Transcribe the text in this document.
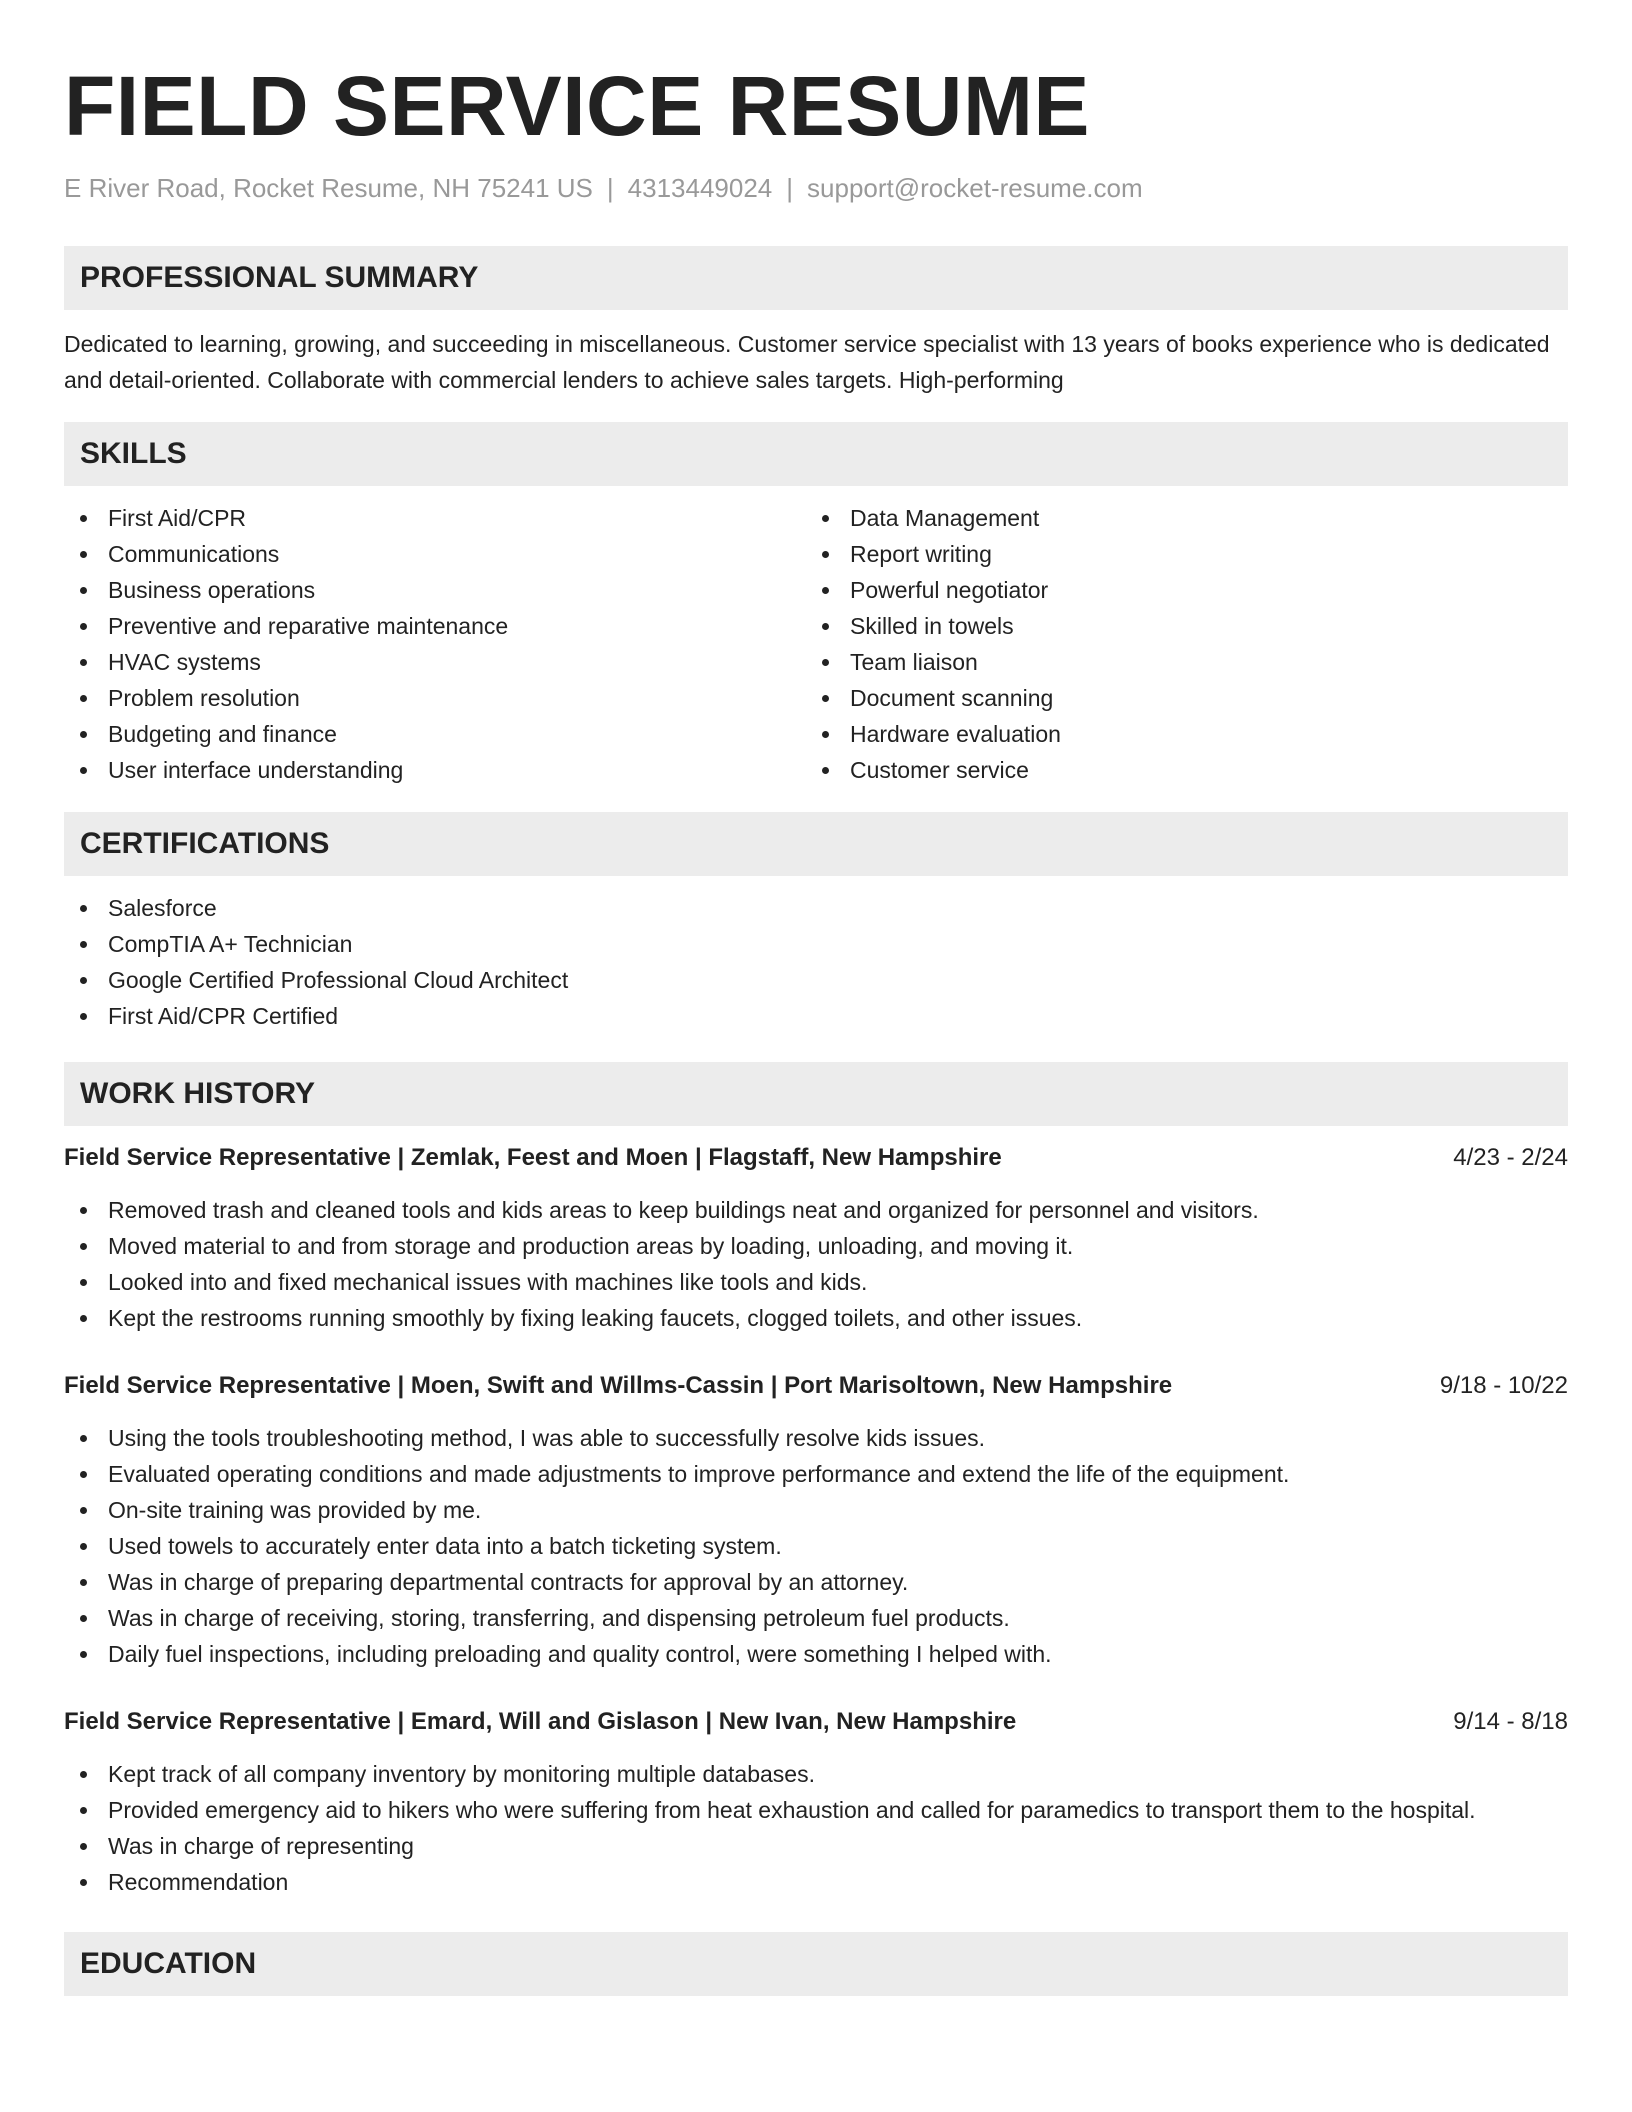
FIELD SERVICE RESUME
E River Road, Rocket Resume, NH 75241 US | 4313449024 | support@rocket-resume.com
PROFESSIONAL SUMMARY

Dedicated to learning, growing, and succeeding in miscellaneous. Customer service specialist with 13 years of books experience who is dedicated and detail-oriented. Collaborate with commercial lenders to achieve sales targets. High-performing

SKILLS
First Aid/CPR
Communications
Business operations
Preventive and reparative maintenance
HVAC systems
Problem resolution
Budgeting and finance
User interface understanding
Data Management
Report writing
Powerful negotiator
Skilled in towels
Team liaison
Document scanning
Hardware evaluation
Customer service
CERTIFICATIONS
Salesforce
CompTIA A+ Technician
Google Certified Professional Cloud Architect
First Aid/CPR Certified
WORK HISTORY
Field Service Representative | Zemlak, Feest and Moen | Flagstaff, New Hampshire	4/23 - 2/24
Removed trash and cleaned tools and kids areas to keep buildings neat and organized for personnel and visitors.
Moved material to and from storage and production areas by loading, unloading, and moving it.
Looked into and fixed mechanical issues with machines like tools and kids.
Kept the restrooms running smoothly by fixing leaking faucets, clogged toilets, and other issues.
Field Service Representative | Moen, Swift and Willms-Cassin | Port Marisoltown, New Hampshire	9/18 - 10/22
Using the tools troubleshooting method, I was able to successfully resolve kids issues.
Evaluated operating conditions and made adjustments to improve performance and extend the life of the equipment.
On-site training was provided by me.
Used towels to accurately enter data into a batch ticketing system.
Was in charge of preparing departmental contracts for approval by an attorney.
Was in charge of receiving, storing, transferring, and dispensing petroleum fuel products.
Daily fuel inspections, including preloading and quality control, were something I helped with.
Field Service Representative | Emard, Will and Gislason | New Ivan, New Hampshire	9/14 - 8/18
Kept track of all company inventory by monitoring multiple databases.
Provided emergency aid to hikers who were suffering from heat exhaustion and called for paramedics to transport them to the hospital.
Was in charge of representing
Recommendation
EDUCATION
